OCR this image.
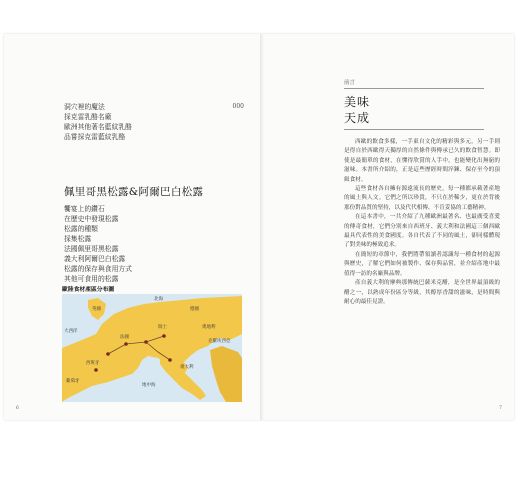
洞穴裡的魔法	000
採克雷乳酪名廠
歐洲其他著名藍紋乳酪
品嘗採克雷藍紋乳酪
佩里哥黑松露&阿爾巴白松露
饗宴上的鑽石
在歷史中發現松露
松露的種類
採集松露
法國佩里哥黑松露
義大利阿爾巴白松露
松露的保存與食用方式
其他可食用的松露
歐陸食材產區分布圖
北海
英國
大西洋
法國
德國
瑞士	奧地利
克羅埃西亞
西班牙
葡萄牙
義大利
地中海
6
前言
美味
天成

西歐的飲食多樣，一手東自文化的精彩與多元，另一手則是得自於西歐得天獨厚的自然條件與傳承已久的飲食智慧。即使是最簡單的食材，在懂得欣賞的人手中，也能變化出無窮的滋味。本書所介紹的，正是這些歷經時間淬鍊、保存至今的頂級食材。

這些食材各自擁有源遠流長的歷史，每一種都承載著產地的風土與人文。它們之所以珍貴，不只在於稀少，更在於背後那份對品質的堅持，以及代代相傳、不肯妥協的工藝精神。

在這本書中，一共介紹了九種歐洲最著名、也最廣受喜愛的傳奇食材，它們分別來自西班牙、義大利和法國這三個西歐最具代表性的美食國度。各自代表了不同的風土，卻同樣體現了對美味的極致追求。

在簡短的章節中，我們將帶領讀者認識每一種食材的起源與歷史，了解它們如何被製作、保存與品嘗，並介紹產地中最值得一訪的名廠與品牌。

產自義大利的摩典那傳統巴薩米克醋，是全世界最頂級的醋之一，以熟成年份區分等級，其醇厚香甜的滋味，是時間與耐心的最佳見證。

7
